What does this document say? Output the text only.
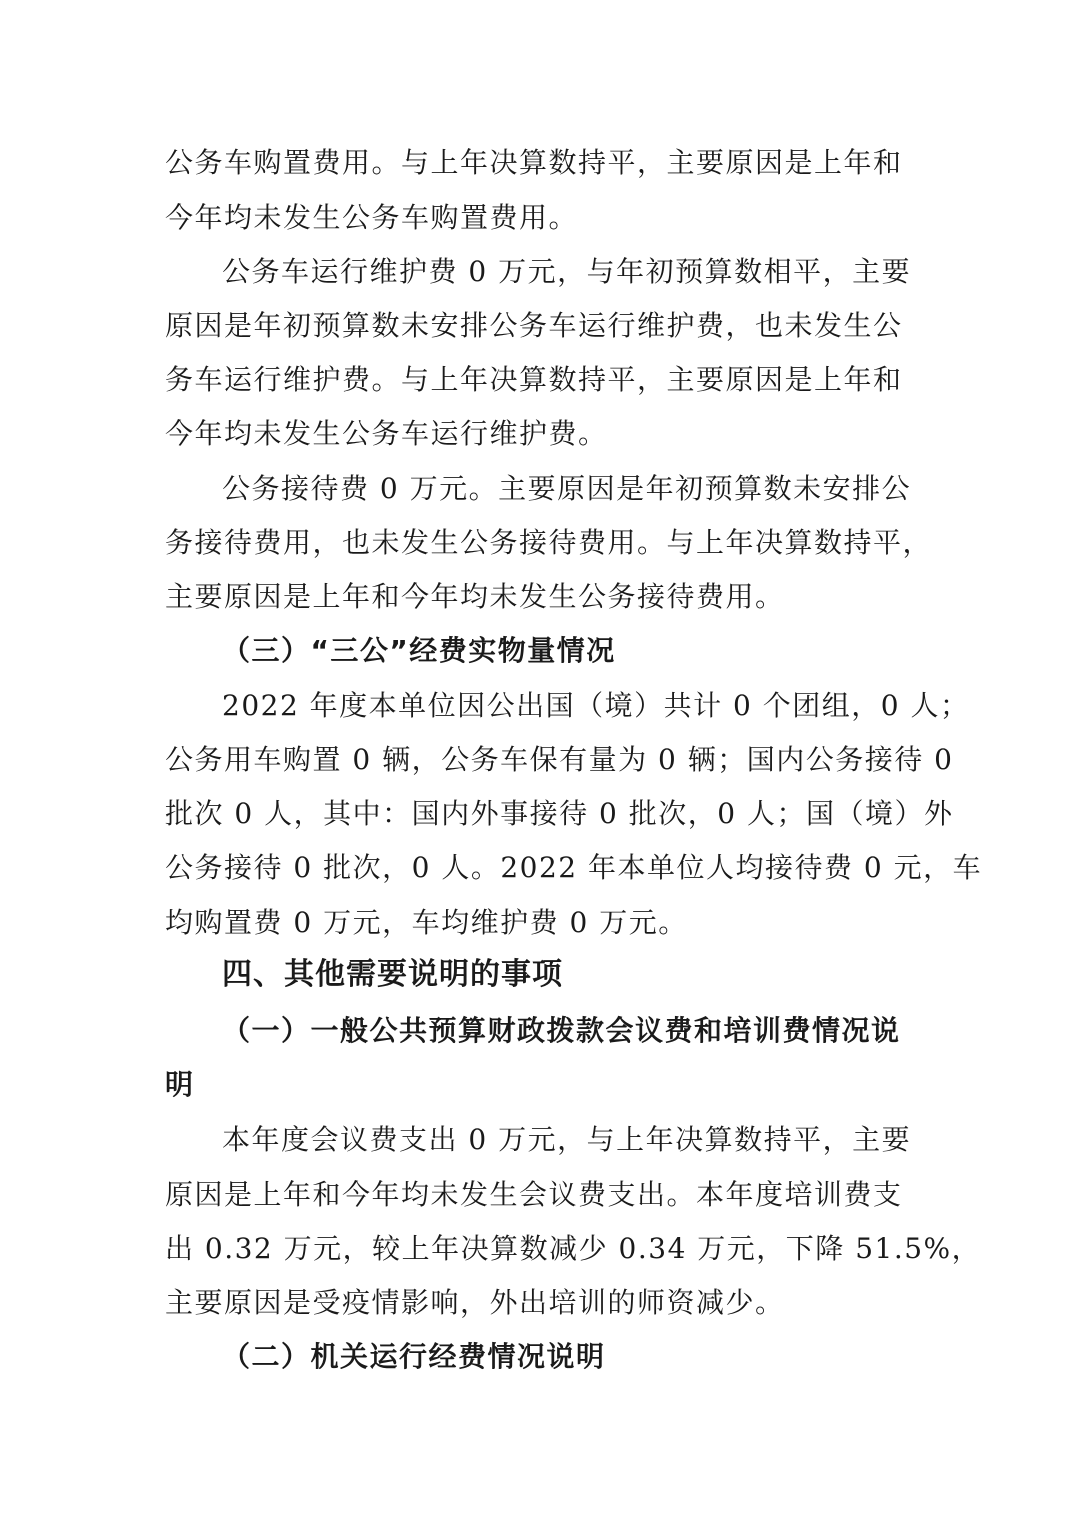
公务车购置费用。与上年决算数持平，主要原因是上年和
今年均未发生公务车购置费用。
公务车运行维护费 0 万元，与年初预算数相平，主要
原因是年初预算数未安排公务车运行维护费，也未发生公
务车运行维护费。与上年决算数持平，主要原因是上年和
今年均未发生公务车运行维护费。
公务接待费 0 万元。主要原因是年初预算数未安排公
务接待费用，也未发生公务接待费用。与上年决算数持平，
主要原因是上年和今年均未发生公务接待费用。
（三）“三公”经费实物量情况
2022 年度本单位因公出国（境）共计 0 个团组，0 人；
公务用车购置 0 辆，公务车保有量为 0 辆；国内公务接待 0
批次 0 人，其中：国内外事接待 0 批次，0 人；国（境）外
公务接待 0 批次，0 人。2022 年本单位人均接待费 0 元，车
均购置费 0 万元，车均维护费 0 万元。
四、其他需要说明的事项
（一）一般公共预算财政拨款会议费和培训费情况说
明
本年度会议费支出 0 万元，与上年决算数持平，主要
原因是上年和今年均未发生会议费支出。本年度培训费支
出 0.32 万元，较上年决算数减少 0.34 万元，下降 51.5%，
主要原因是受疫情影响，外出培训的师资减少。
（二）机关运行经费情况说明
